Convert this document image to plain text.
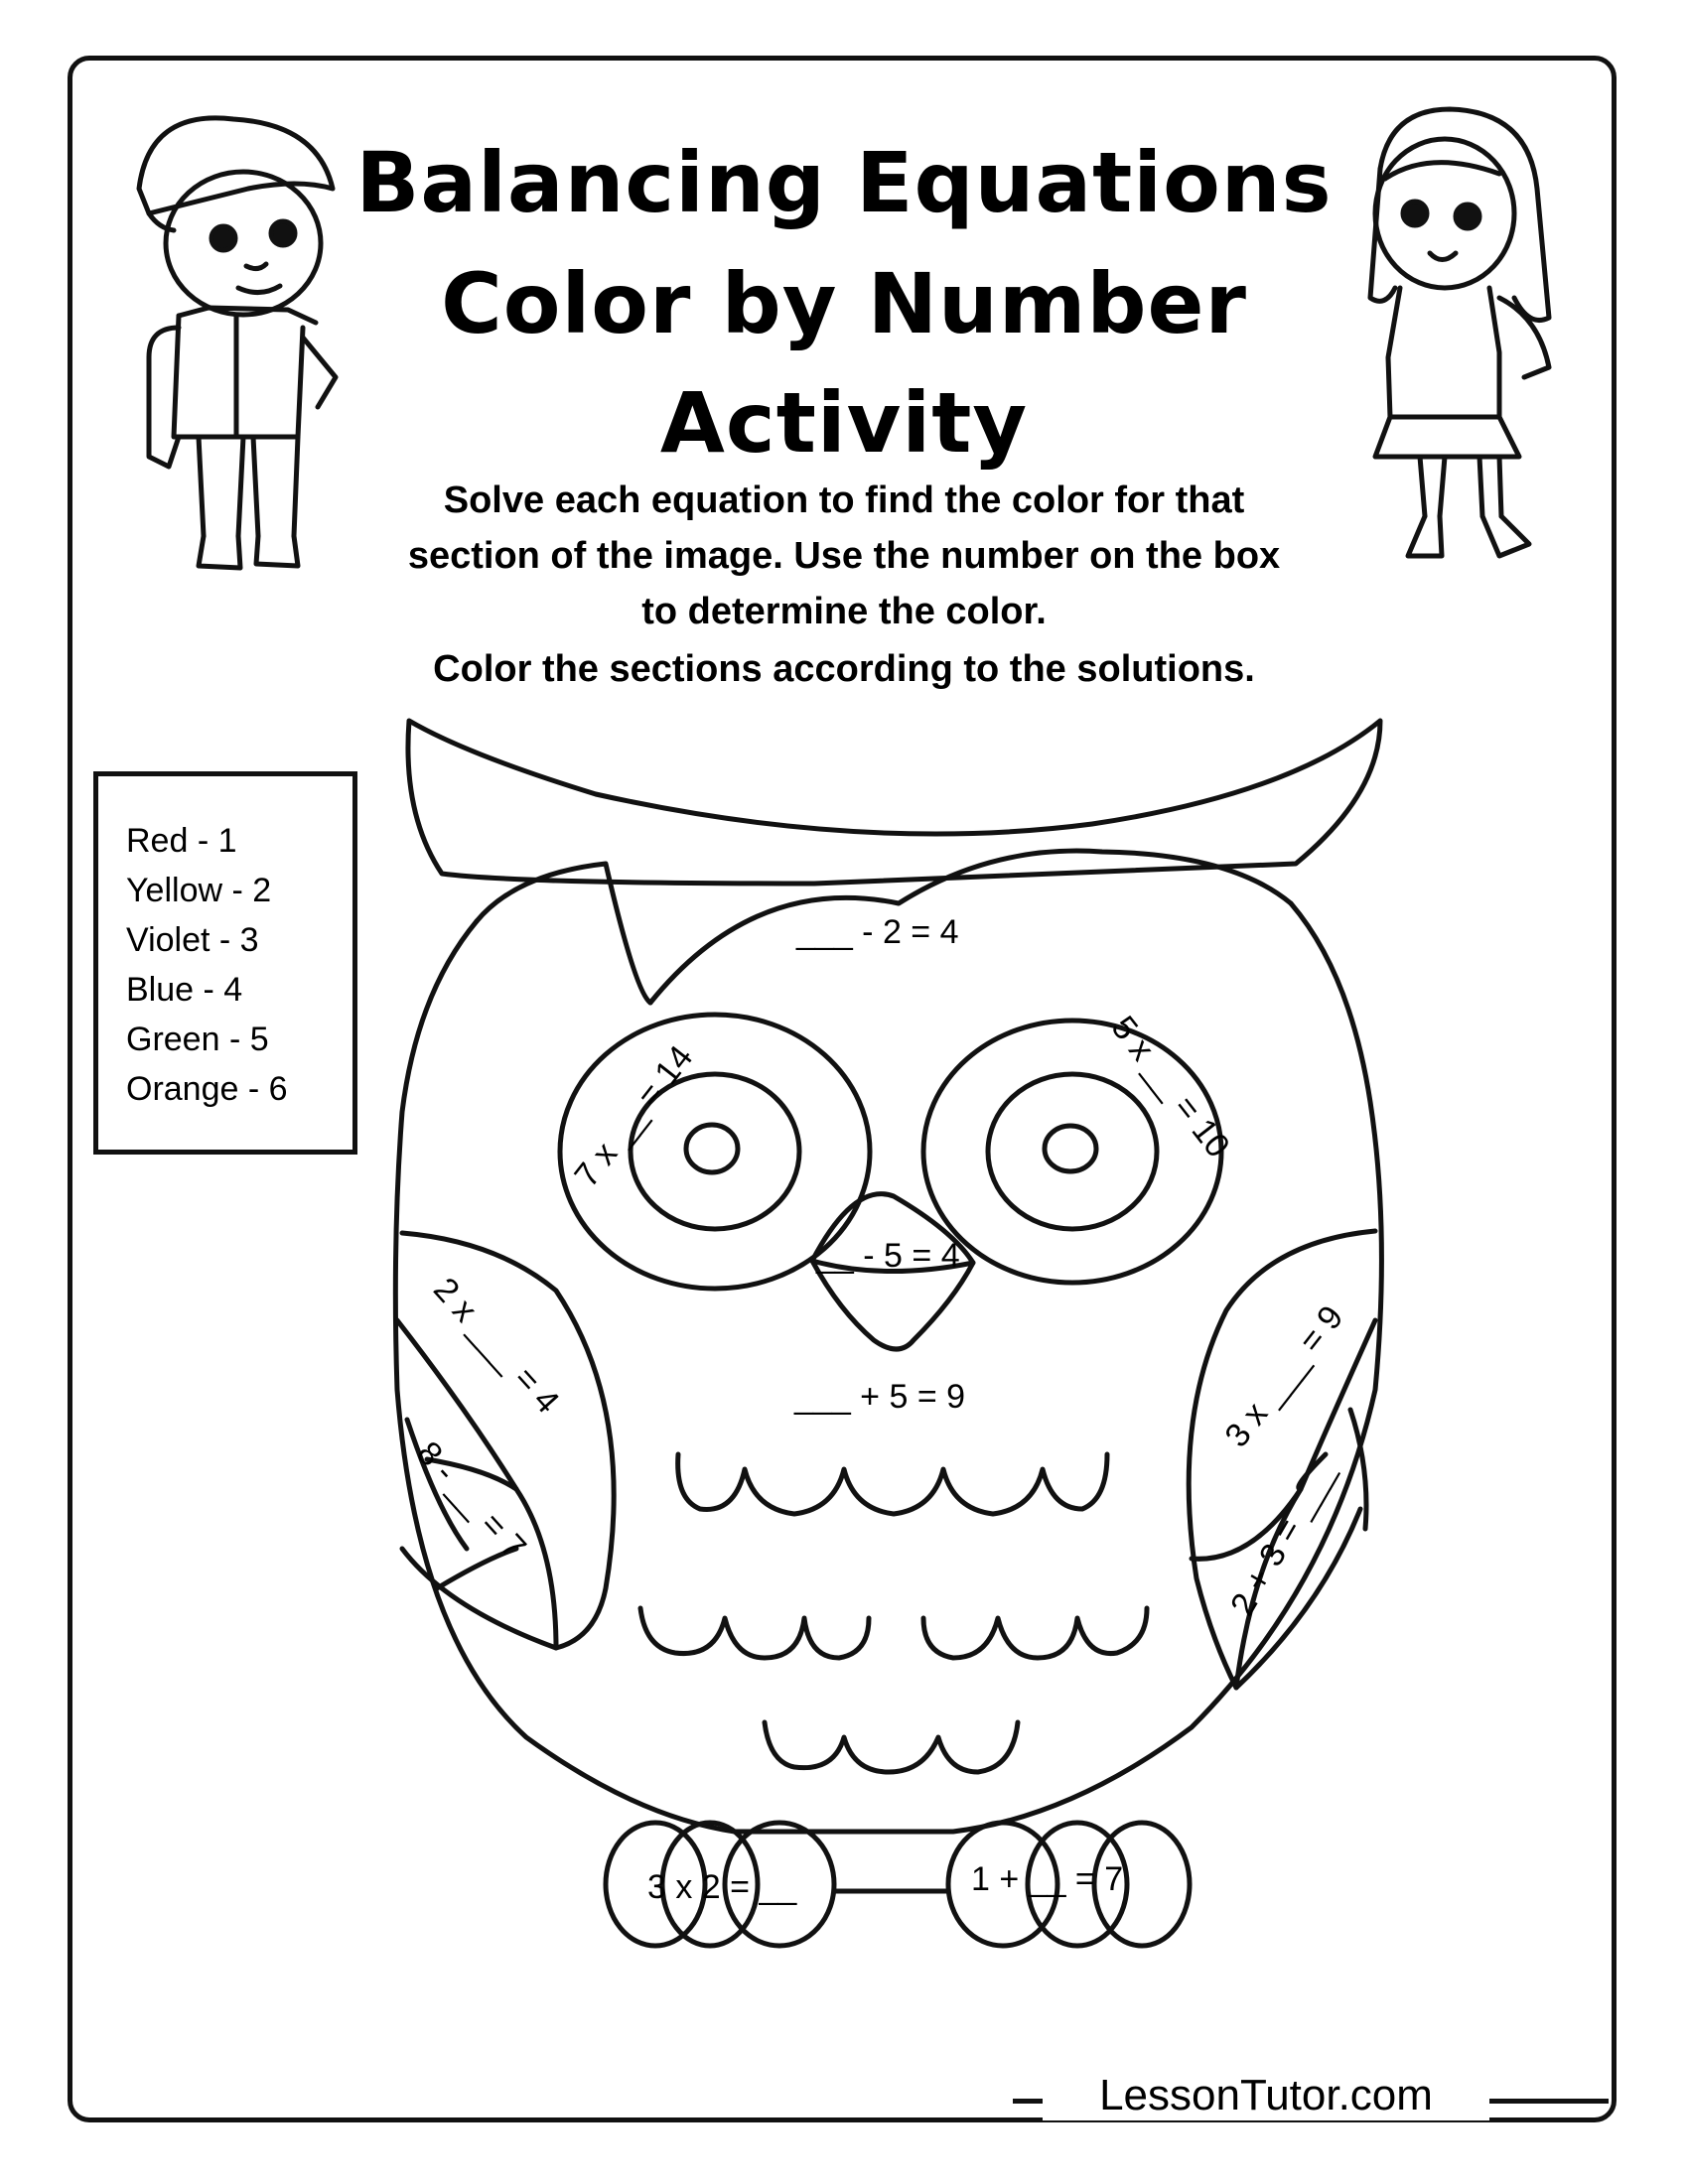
___ - 2 = 4
7 x __ = 14	5 x __ = 10
__ - 5 = 4
___ + 5 = 9
2 x ___ = 4
8 - __ = 7
3 x ___ = 9
2 + 3 = ___
3 x 2 = __	1 + __ = 7
Balancing Equations
Color by Number
Activity
Solve each equation to find the color for that
section of the image. Use the number on the box
to determine the color.
Color the sections according to the solutions.
Red - 1
Yellow - 2
Violet - 3
Blue - 4
Green - 5
Orange - 6
LessonTutor.com
